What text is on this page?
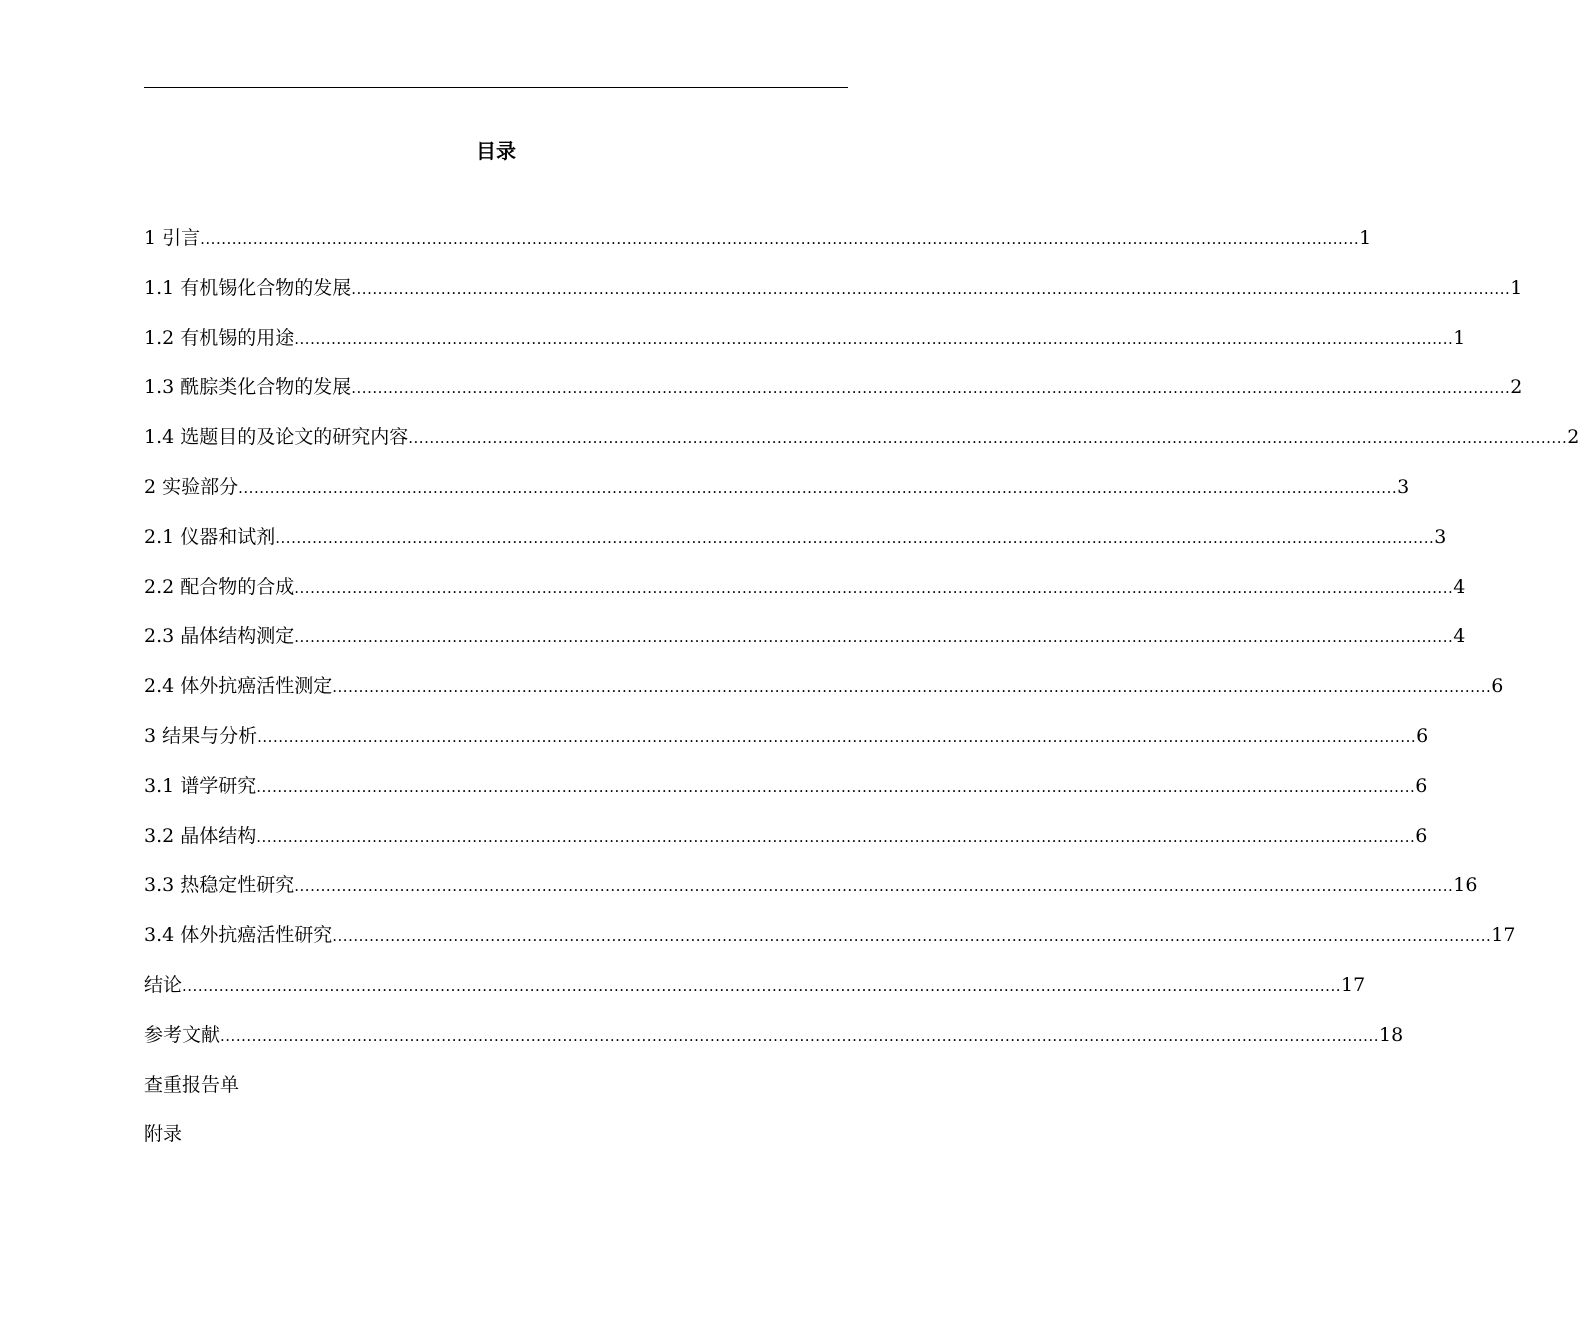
目录
1 引言 ............................................................................................................................................................................................................................ 1
1.1 有机锡化合物的发展 ............................................................................................................................................................................................................................ 1
1.2 有机锡的用途 ............................................................................................................................................................................................................................ 1
1.3 酰腙类化合物的发展 ............................................................................................................................................................................................................................ 2
1.4 选题目的及论文的研究内容 ............................................................................................................................................................................................................................ 2
2 实验部分 ............................................................................................................................................................................................................................ 3
2.1 仪器和试剂 ............................................................................................................................................................................................................................ 3
2.2 配合物的合成 ............................................................................................................................................................................................................................ 4
2.3 晶体结构测定 ............................................................................................................................................................................................................................ 4
2.4 体外抗癌活性测定 ............................................................................................................................................................................................................................ 6
3 结果与分析 ............................................................................................................................................................................................................................ 6
3.1 谱学研究 ............................................................................................................................................................................................................................ 6
3.2 晶体结构 ............................................................................................................................................................................................................................ 6
3.3 热稳定性研究 ............................................................................................................................................................................................................................ 16
3.4 体外抗癌活性研究 ............................................................................................................................................................................................................................ 17
结论 ............................................................................................................................................................................................................................ 17
参考文献 ............................................................................................................................................................................................................................ 18
查重报告单
附录
